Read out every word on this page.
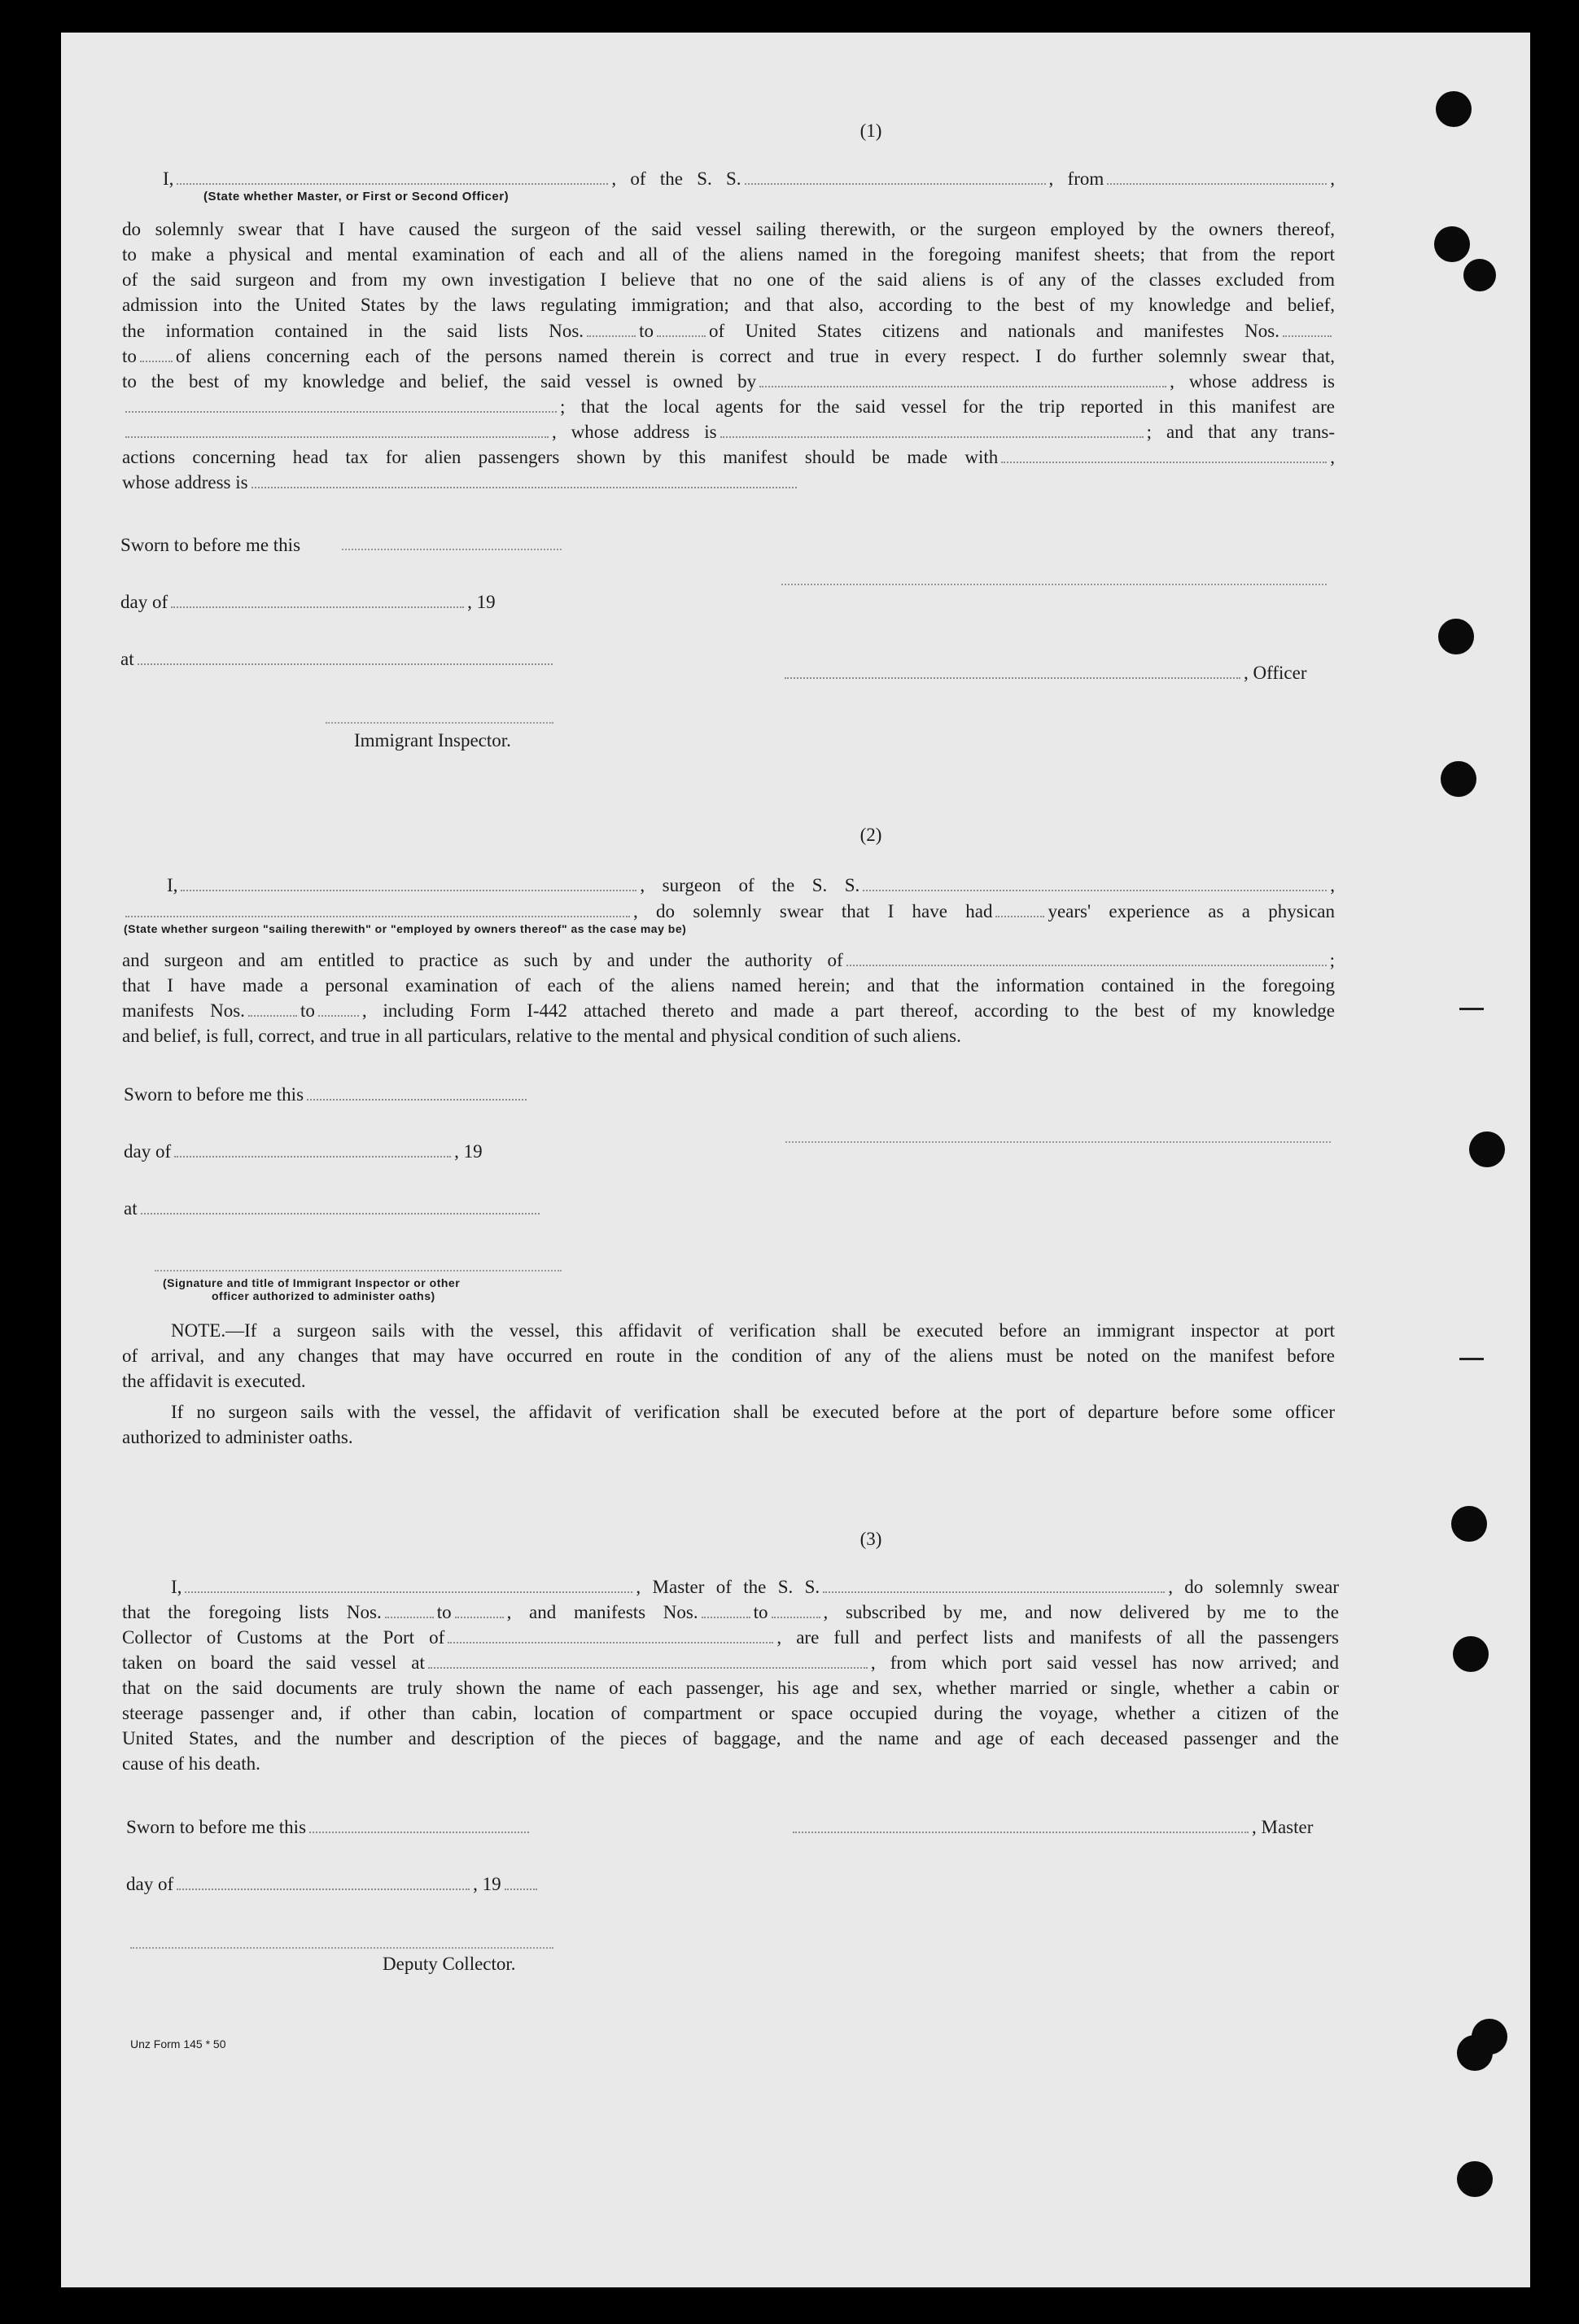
(1)
I,	, of the S. S.	, from	,
(State whether Master, or First or Second Officer)
do solemnly swear that I have caused the surgeon of the said vessel sailing therewith, or the surgeon employed by the owners thereof,
to make a physical and mental examination of each and all of the aliens named in the foregoing manifest sheets; that from the report
of the said surgeon and from my own investigation I believe that no one of the said aliens is of any of the classes excluded from
admission into the United States by the laws regulating immigration; and that also, according to the best of my knowledge and belief,
the information contained in the said lists Nos.	to	of United States citizens and nationals and manifestes Nos.
to of aliens concerning each of the persons named therein is correct and true in every respect. I do further solemnly swear that,
to the best of my knowledge and belief, the said vessel is owned by	, whose address is
; that the local agents for the said vessel for the trip reported in this manifest are
, whose address is	; and that any trans-
actions concerning head tax for alien passengers shown by this manifest should be made with	,
whose address is
Sworn to before me this
day of	, 19
at
, Officer
Immigrant Inspector.
(2)
I,	, surgeon of the S. S.	,
, do solemnly swear that I have had	years' experience as a physican
(State whether surgeon "sailing therewith" or "employed by owners thereof" as the case may be)
and surgeon and am entitled to practice as such by and under the authority of	;
that I have made a personal examination of each of the aliens named herein; and that the information contained in the foregoing
manifests Nos.	to	, including Form I-442 attached thereto and made a part thereof, according to the best of my knowledge
and belief, is full, correct, and true in all particulars, relative to the mental and physical condition of such aliens.
Sworn to before me this
day of	, 19
at
(Signature and title of Immigrant Inspector or other
officer authorized to administer oaths)
NOTE.—If a surgeon sails with the vessel, this affidavit of verification shall be executed before an immigrant inspector at port
of arrival, and any changes that may have occurred en route in the condition of any of the aliens must be noted on the manifest before
the affidavit is executed.
If no surgeon sails with the vessel, the affidavit of verification shall be executed before at the port of departure before some officer
authorized to administer oaths.
(3)
I,	, Master of the S. S.	, do solemnly swear
that the foregoing lists Nos.	to	, and manifests Nos.	to	, subscribed by me, and now delivered by me to the
Collector of Customs at the Port of	, are full and perfect lists and manifests of all the passengers
taken on board the said vessel at	, from which port said vessel has now arrived; and
that on the said documents are truly shown the name of each passenger, his age and sex, whether married or single, whether a cabin or
steerage passenger and, if other than cabin, location of compartment or space occupied during the voyage, whether a citizen of the
United States, and the number and description of the pieces of baggage, and the name and age of each deceased passenger and the
cause of his death.
Sworn to before me this	, Master
day of	, 19
Deputy Collector.
Unz Form 145 * 50
